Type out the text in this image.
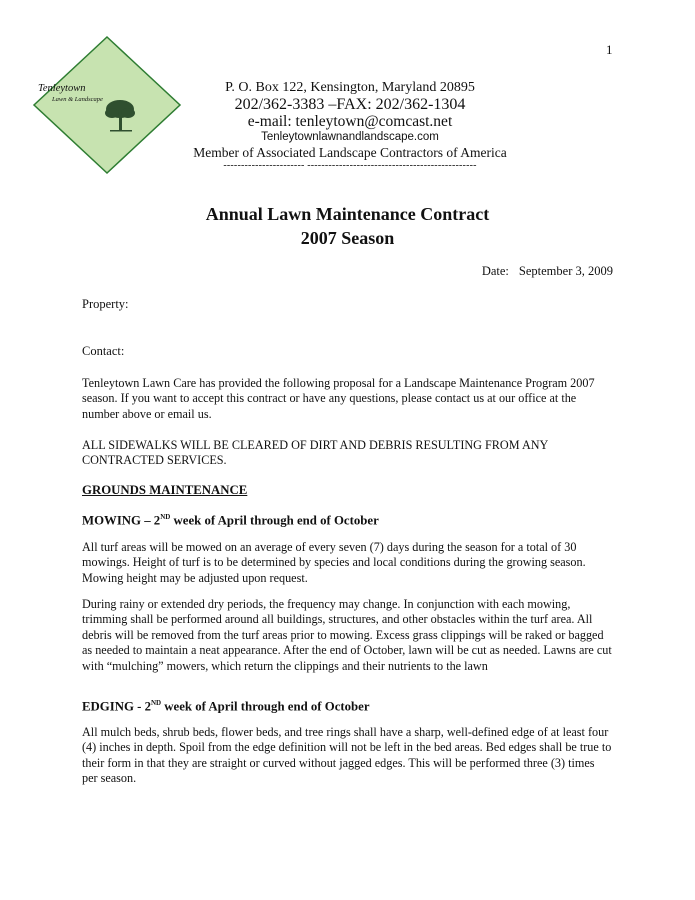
1
Tenleytown
Lawn & Landscape
P. O. Box 122, Kensington, Maryland 20895
202/362-3383 –FAX: 202/362-1304
e-mail: tenleytown@comcast.net
Tenleytownlawnandlandscape.com
Member of Associated Landscape Contractors of America
----------------------- ------------------------------------------------
Annual Lawn Maintenance Contract
2007 Season
Date: September 3, 2009
Property:
Contact:
Tenleytown Lawn Care has provided the following proposal for a Landscape Maintenance Program 2007 season. If you want to accept this contract or have any questions, please contact us at our office at the number above or email us.
ALL SIDEWALKS WILL BE CLEARED OF DIRT AND DEBRIS RESULTING FROM ANY CONTRACTED SERVICES.
GROUNDS MAINTENANCE
MOWING – 2ND week of April through end of October
All turf areas will be mowed on an average of every seven (7) days during the season for a total of 30 mowings. Height of turf is to be determined by species and local conditions during the growing season. Mowing height may be adjusted upon request.
During rainy or extended dry periods, the frequency may change. In conjunction with each mowing, trimming shall be performed around all buildings, structures, and other obstacles within the turf area. All debris will be removed from the turf areas prior to mowing. Excess grass clippings will be raked or bagged as needed to maintain a neat appearance. After the end of October, lawn will be cut as needed. Lawns are cut with “mulching” mowers, which return the clippings and their nutrients to the lawn
EDGING - 2ND week of April through end of October
All mulch beds, shrub beds, flower beds, and tree rings shall have a sharp, well-defined edge of at least four (4) inches in depth. Spoil from the edge definition will not be left in the bed areas. Bed edges shall be true to their form in that they are straight or curved without jagged edges. This will be performed three (3) times per season.
